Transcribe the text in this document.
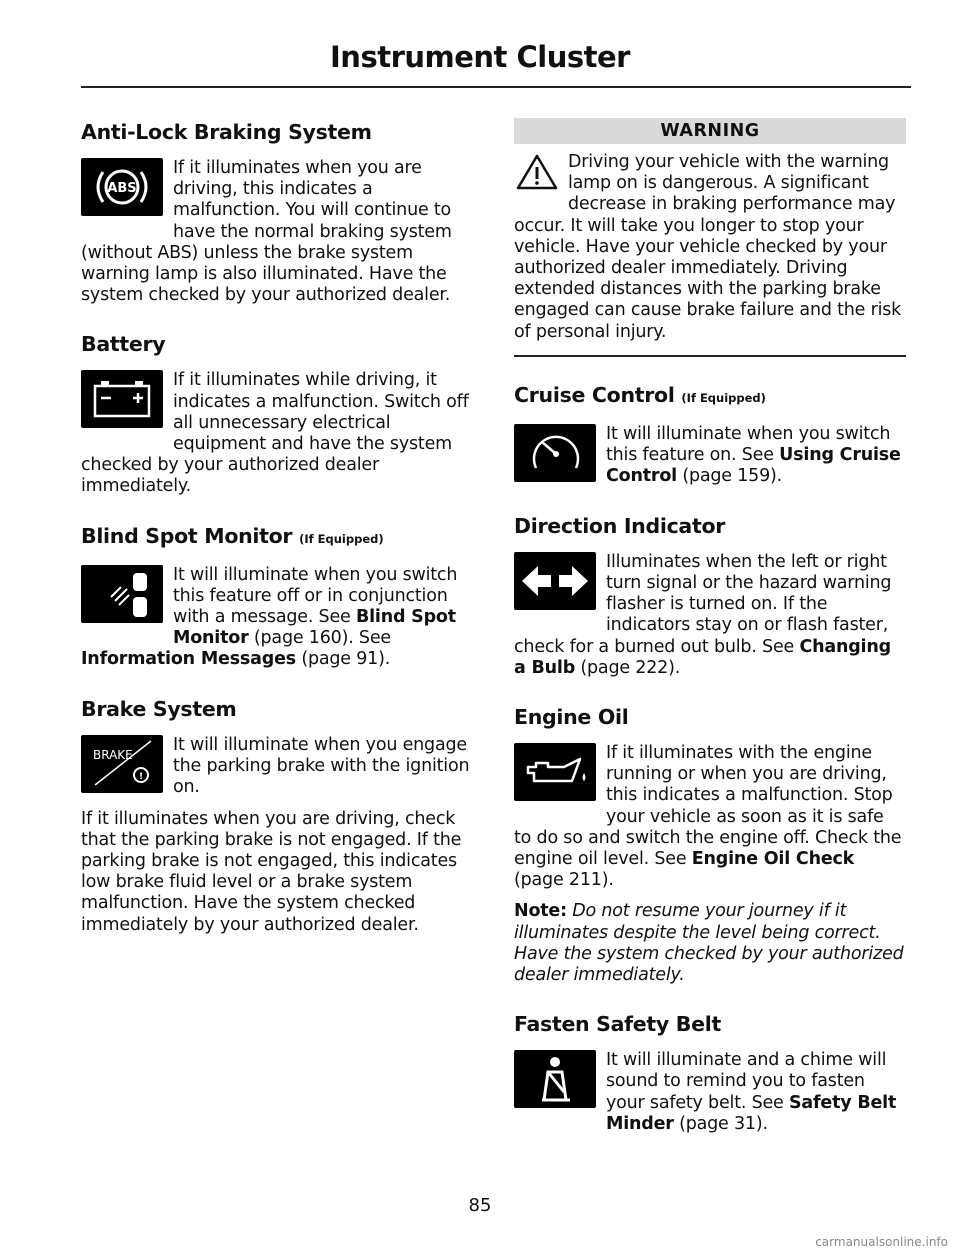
Instrument Cluster
Anti-Lock Braking System
ABS

If it illuminates when you are driving, this indicates a malfunction. You will continue to have the normal braking system (without ABS) unless the brake system warning lamp is also illuminated. Have the system checked by your authorized dealer.

Battery

If it illuminates while driving, it indicates a malfunction. Switch off all unnecessary electrical equipment and have the system checked by your authorized dealer immediately.

Blind Spot Monitor (If Equipped)

It will illuminate when you switch this feature off or in conjunction with a message. See Blind Spot Monitor (page 160). See Information Messages (page 91).

Brake System
BRAKE
!

It will illuminate when you engage the parking brake with the ignition on.

If it illuminates when you are driving, check that the parking brake is not engaged. If the parking brake is not engaged, this indicates low brake fluid level or a brake system malfunction. Have the system checked immediately by your authorized dealer.

WARNING

Driving your vehicle with the warning lamp on is dangerous. A significant decrease in braking performance may occur. It will take you longer to stop your vehicle. Have your vehicle checked by your authorized dealer immediately. Driving extended distances with the parking brake engaged can cause brake failure and the risk of personal injury.

Cruise Control (If Equipped)

It will illuminate when you switch this feature on. See Using Cruise Control (page 159).

Direction Indicator

Illuminates when the left or right turn signal or the hazard warning flasher is turned on. If the indicators stay on or flash faster, check for a burned out bulb. See Changing a Bulb (page 222).

Engine Oil

If it illuminates with the engine running or when you are driving, this indicates a malfunction. Stop your vehicle as soon as it is safe to do so and switch the engine off. Check the engine oil level. See Engine Oil Check (page 211).

Note: Do not resume your journey if it illuminates despite the level being correct. Have the system checked by your authorized dealer immediately.

Fasten Safety Belt

It will illuminate and a chime will sound to remind you to fasten your safety belt. See Safety Belt Minder (page 31).

85
carmanualsonline.info
